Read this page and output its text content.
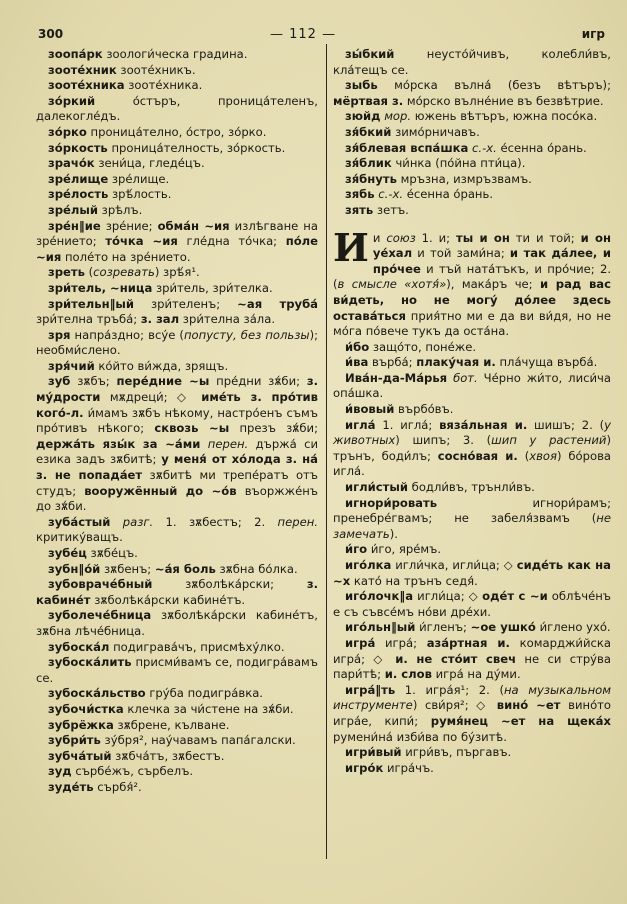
300	— 112 —	игр

зоопа́рк зоологи́ческа градина.

зооте́хник зооте́хникъ.

зооте́хника зооте́хника.

зо́ркий о́стъръ, проница́теленъ, далекогле́дъ.

зо́рко проница́телно, о́стро, зо́рко.

зо́ркость проница́телность, зо́ркость.

зрачо́к зени́ца, гледе́цъ.

зре́лище зре́лище.

зре́лость зрѣ́лость.

зре́лый зрѣлъ.

зре́н‖ие зре́ние; обма́н ~ия излѣгване на зре́нието; то́чка ~ия гле́дна то́чка; по́ле ~ия поле́то на зре́нието.

зреть (созревать) зрѣ́я¹.

зри́тель, ~ница зри́тель, зри́телка.

зри́тельн‖ый зри́теленъ; ~ая труба́ зри́телна тръба́; з. зал зри́телна за́ла.

зря напра́здно; всу́е (попусту, без пользы); необми́слено.

зря́чий ко́йто ви́жда, зрящъ.

зуб зѫбъ; пере́дние ~ы пре́дни зѫ́би; з. му́дрости мѫдреци́; ◇ име́ть з. про́тив кого́-л. и́мамъ зѫбъ нѣкому, настро́енъ съмъ про́тивъ нѣкого; сквозь ~ы презъ зѫ́би; держа́ть язы́к за ~а́ми перен. държа́ си езика задъ зѫбитѣ; у меня́ от хо́лода з. на́ з. не попада́ет зѫбитѣ ми трепе́ратъ отъ студъ; вооружённый до ~о́в въоржже́нъ до зѫ́би.

зуба́стый разг. 1. зѫбестъ; 2. перен. критику́ващъ.

зубе́ц зѫбе́цъ.

зубн‖о́й зѫбенъ; ~а́я боль зѫбна бо́лка.

зубоврачéбный зѫболѣка́рски; з. кабине́т зѫболѣка́рски кабине́тъ.

зуболече́бница зѫболѣка́рски кабине́тъ, зѫбна лѣче́бница.

зубоска́л подиграва́чъ, присмѣху́лко.

зубоска́лить присми́вамъ се, подигра́вамъ се.

зубоска́льство гру́ба подигра́вка.

зубочи́стка клечка за чи́стене на зѫ́би.

зубрёжка зѫбрене, кълване.

зубри́ть зу́бря², нау́чавамъ папа́галски.

зубча́тый зѫбча́тъ, зѫбестъ.

зуд сърбе́жъ, сърбелъ.

зуде́ть сърбя́².

зы́бкий неусто́йчивъ, колебли́въ, кла́тещъ се.

зыбь мо́рска вълна́ (безъ вѣтъръ); мёртвая з. мо́рско вълне́ние въ безвѣтрие.

зюйд мор. южень вѣтъръ, южна посо́ка.

зя́бкий зимо́рничавъ.

зя́блевая вспа́шка с.-х. е́сенна о́рань.

зя́блик чи́нка (по́йна пти́ца).

зя́бнуть мръзна, измръзвамъ.

зябь с.-х. е́сенна о́рань.

зять зетъ.

И и союз 1. и; ты и он ти и той; и он уе́хал и той зами́на; и так да́лее, и про́чее и тъй ната́тъкъ, и про́чие; 2. (в смысле «хотя́»), мака́ръ че; и рад вас ви́деть, но не могу́ до́лее здесь остава́ться прия́тно ми е да ви ви́дя, но не мо́га по́вече тукъ да оста́на.

и́бо защо́то, поне́же.

и́ва върба́; плаку́чая и. пла́чуща върба́.

Ива́н-да-Ма́рья бот. Че́рно жи́то, лиси́ча опа́шка.

и́вовый върбо́въ.

игла́ 1. игла́; вяза́льная и. шишъ; 2. (у животных) шипъ; 3. (шип у растений) трънъ, боди́лъ; сосно́вая и. (хвоя) бо́рова игла́.

игли́стый бодли́въ, трънли́въ.

игнори́ровать игнори́рамъ; пренебре́гвамъ; не забеля́звамъ (не замечать).

и́го и́го, яре́мъ.

иго́лка игли́чка, игли́ца; ◇ сиде́ть как на ~х като́ на трънъ седя́.

иго́лочк‖а игли́ца; ◇ оде́т с ~и облѣче́нъ е съ съвсе́мъ но́ви дре́хи.

иго́льн‖ый и́гленъ; ~ое ушко́ и́глено ухо́.

игра́ игра́; аза́ртная и. комарджи́йска игра́; ◇ и. не сто́ит свеч не си стру́ва пари́тѣ; и. слов игра́ на ду́ми.

игра́‖ть 1. игра́я¹; 2. (на музыкальном инструменте) сви́ря²; ◇ вино́ ~ет вино́то игра́е, кипи́; румя́нец ~ет на щека́х румени́на́ изби́ва по бу́зитѣ.

игри́вый игри́въ, пъргавъ.

игро́к игра́чъ.
